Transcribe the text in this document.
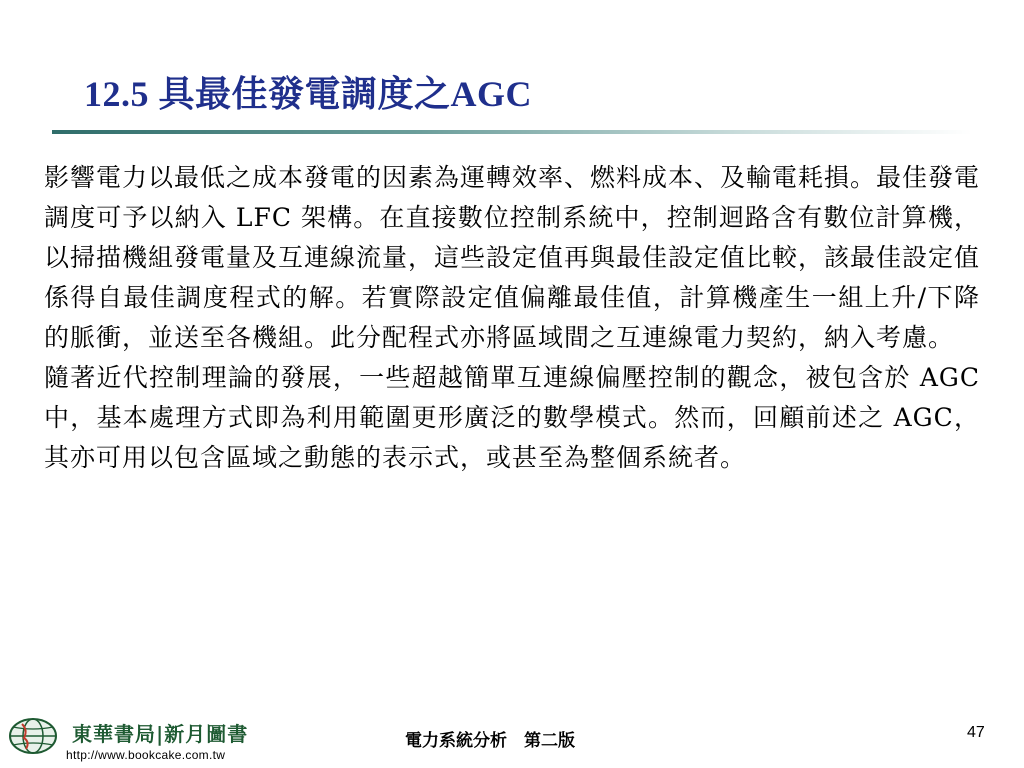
12.5 具最佳發電調度之AGC

影響電力以最低之成本發電的因素為運轉效率、燃料成本、及輸電耗損。最佳發電調度可予以納入 LFC 架構。在直接數位控制系統中，控制迴路含有數位計算機，以掃描機組發電量及互連線流量，這些設定值再與最佳設定值比較，該最佳設定值係得自最佳調度程式的解。若實際設定值偏離最佳值，計算機產生一組上升/下降的脈衝，並送至各機組。此分配程式亦將區域間之互連線電力契約，納入考慮。

隨著近代控制理論的發展，一些超越簡單互連線偏壓控制的觀念，被包含於 AGC 中，基本處理方式即為利用範圍更形廣泛的數學模式。然而，回顧前述之 AGC，其亦可用以包含區域之動態的表示式，或甚至為整個系統者。

東華書局|新月圖書
http://www.bookcake.com.tw
電力系統分析　第二版	47
